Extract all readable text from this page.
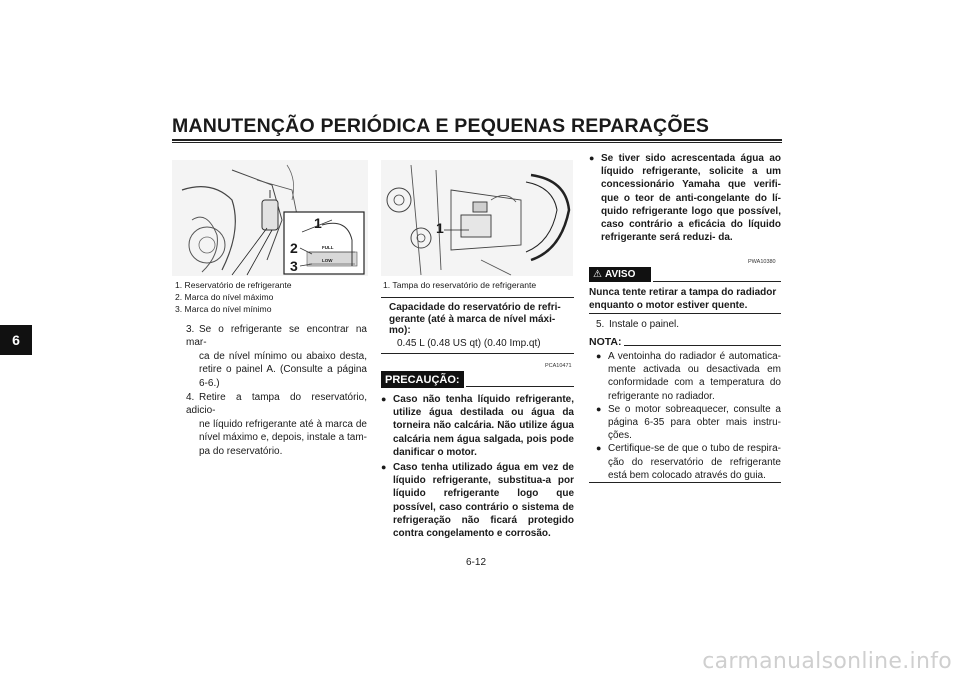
MANUTENÇÃO PERIÓDICA E PEQUENAS REPARAÇÕES
6
1
2
3
FULL
LOW
1. Reservatório de refrigerante
2. Marca do nível máximo
3. Marca do nível mínimo
3. Se o refrigerante se encontrar na mar-
ca de nível mínimo ou abaixo desta, retire o painel A. (Consulte a página 6-6.)
4. Retire a tampa do reservatório, adicio-
ne líquido refrigerante até à marca de nível máximo e, depois, instale a tam- pa do reservatório.
1
1. Tampa do reservatório de refrigerante
Capacidade do reservatório de refri- gerante (até à marca de nível máxi- mo):
0.45 L (0.48 US qt) (0.40 Imp.qt)
PCA10471
PRECAUÇÃO:
● Caso não tenha líquido refrigerante, utilize água destilada ou água da torneira não calcária. Não utilize água calcária nem água salgada, pois pode danificar o motor.
● Caso tenha utilizado água em vez de líquido refrigerante, substitua-a por líquido refrigerante logo que possível, caso contrário o sistema de refrigeração não ficará protegido contra congelamento e corrosão.
● Se tiver sido acrescentada água ao líquido refrigerante, solicite a um concessionário Yamaha que verifi- que o teor de anti-congelante do lí- quido refrigerante logo que possível, caso contrário a eficácia do líquido refrigerante será reduzi- da.
PWA10380
⚠ AVISO
Nunca tente retirar a tampa do radiador enquanto o motor estiver quente.
5. Instale o painel.
NOTA:
● A ventoinha do radiador é automatica- mente activada ou desactivada em conformidade com a temperatura do refrigerante no radiador.
● Se o motor sobreaquecer, consulte a página 6-35 para obter mais instru- ções.
● Certifique-se de que o tubo de respira- ção do reservatório de refrigerante está bem colocado através do guia.
6-12
carmanualsonline.info
